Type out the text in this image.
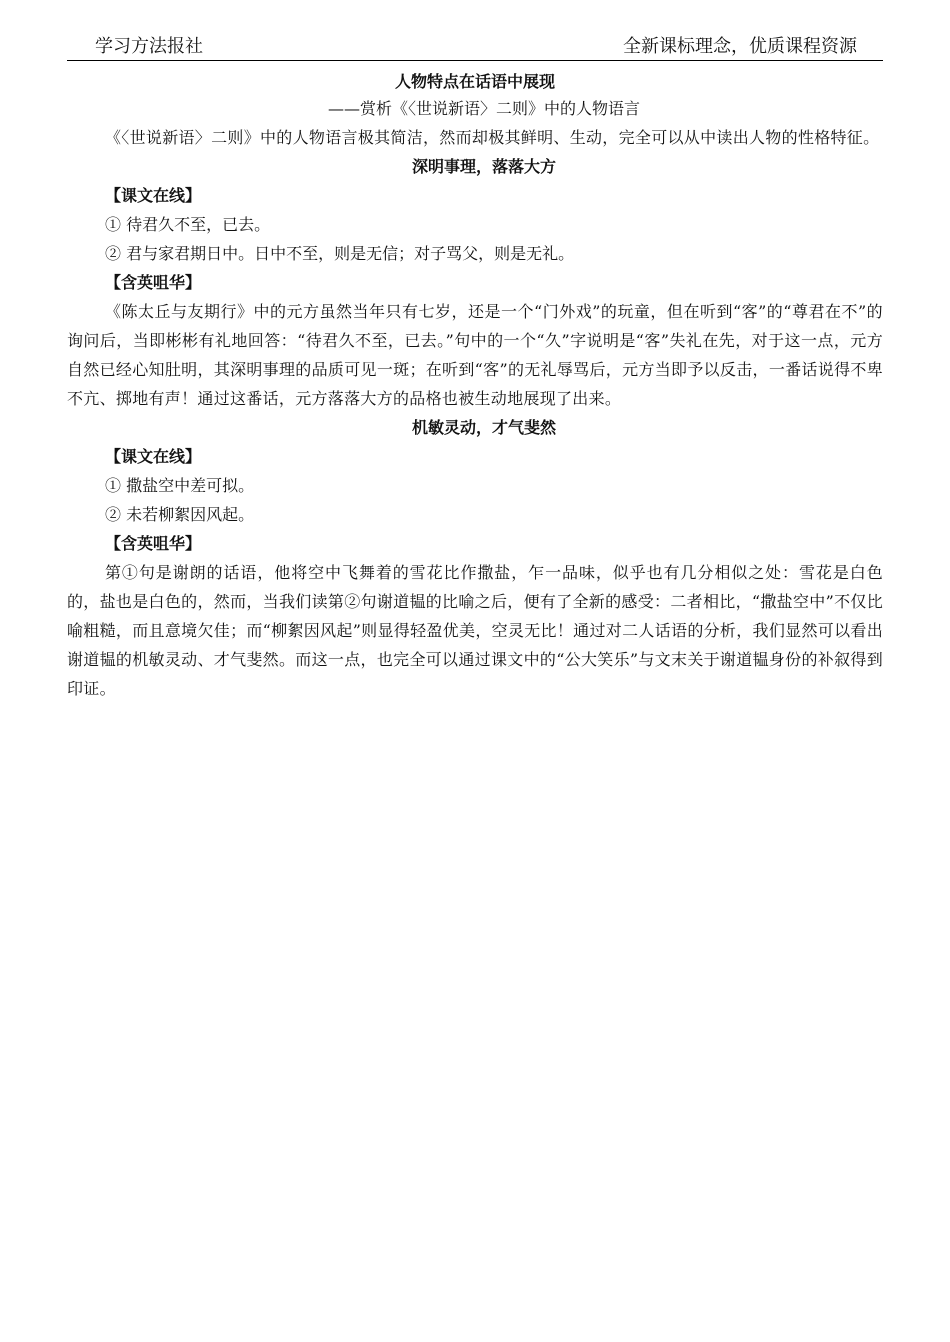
学习方法报社	全新课标理念，优质课程资源
人物特点在话语中展现
——赏析《〈世说新语〉二则》中的人物语言

《〈世说新语〉二则》中的人物语言极其简洁，然而却极其鲜明、生动，完全可以从中读出人物的性格特征。

深明事理，落落大方
【课文在线】
① 待君久不至，已去。
② 君与家君期日中。日中不至，则是无信；对子骂父，则是无礼。
【含英咀华】

《陈太丘与友期行》中的元方虽然当年只有七岁，还是一个“门外戏”的玩童，但在听到“客”的“尊君在不”的询问后，当即彬彬有礼地回答：“待君久不至，已去。”句中的一个“久”字说明是“客”失礼在先，对于这一点，元方自然已经心知肚明，其深明事理的品质可见一斑；在听到“客”的无礼辱骂后，元方当即予以反击，一番话说得不卑不亢、掷地有声！通过这番话，元方落落大方的品格也被生动地展现了出来。

机敏灵动，才气斐然
【课文在线】
① 撒盐空中差可拟。
② 未若柳絮因风起。
【含英咀华】

第①句是谢朗的话语，他将空中飞舞着的雪花比作撒盐，乍一品味，似乎也有几分相似之处：雪花是白色的，盐也是白色的，然而，当我们读第②句谢道韫的比喻之后，便有了全新的感受：二者相比，“撒盐空中”不仅比喻粗糙，而且意境欠佳；而“柳絮因风起”则显得轻盈优美，空灵无比！通过对二人话语的分析，我们显然可以看出谢道韫的机敏灵动、才气斐然。而这一点，也完全可以通过课文中的“公大笑乐”与文末关于谢道韫身份的补叙得到印证。
